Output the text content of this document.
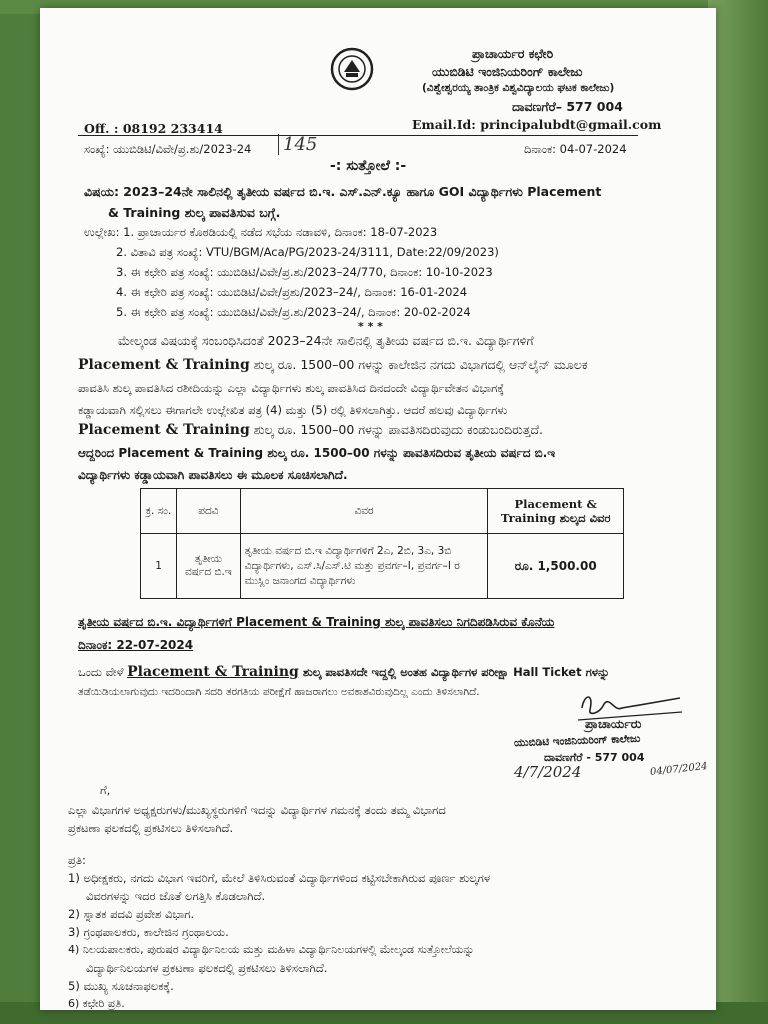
ಪ್ರಾಚಾರ್ಯರ ಕಛೇರಿ
ಯುಬಿಡಿಟಿ ಇಂಜಿನಿಯರಿಂಗ್ ಕಾಲೇಜು
(ವಿಶ್ವೇಶ್ವರಯ್ಯ ತಾಂತ್ರಿಕ ವಿಶ್ವವಿದ್ಯಾಲಯ ಘಟಕ ಕಾಲೇಜು)
ದಾವಣಗೆರೆ– 577 004
Off. : 08192 233414	Email.Id: principalubdt@gmail.com
ಸಂಖ್ಯೆ: ಯುಬಿಡಿಟಿ/ವಿವೇ/ಪ್ರ.ಶು/2023-24 145	ದಿನಾಂಕ: 04-07-2024
-: ಸುತ್ತೋಲೆ :-
ವಿಷಯ: 2023–24ನೇ ಸಾಲಿನಲ್ಲಿ ತೃತೀಯ ವರ್ಷದ ಬಿ.ಇ. ಎಸ್.ಎನ್.ಕ್ಯೂ ಹಾಗೂ GOI ವಿದ್ಯಾರ್ಥಿಗಳು Placement
& Training ಶುಲ್ಕ ಪಾವತಿಸುವ ಬಗ್ಗೆ.
ಉಲ್ಲೇಖ: 1. ಪ್ರಾಚಾರ್ಯರ ಕೊಠಡಿಯಲ್ಲಿ ನಡೆದ ಸಭೆಯ ನಡಾವಳಿ, ದಿನಾಂಕ: 18-07-2023
2. ವಿತಾವಿ ಪತ್ರ ಸಂಖ್ಯೆ: VTU/BGM/Aca/PG/2023-24/3111, Date:22/09/2023)
3. ಈ ಕಛೇರಿ ಪತ್ರ ಸಂಖ್ಯೆ: ಯುಬಿಡಿಟಿ/ವಿವೇ/ಪ್ರ.ಶು/2023–24/770, ದಿನಾಂಕ: 10-10-2023
4. ಈ ಕಛೇರಿ ಪತ್ರ ಸಂಖ್ಯೆ: ಯುಬಿಡಿಟಿ/ವಿವೇ/ಪ್ರಶು/2023–24/, ದಿನಾಂಕ: 16-01-2024
5. ಈ ಕಛೇರಿ ಪತ್ರ ಸಂಖ್ಯೆ: ಯುಬಿಡಿಟಿ/ವಿವೇ/ಪ್ರ.ಶು/2023–24/, ದಿನಾಂಕ: 20-02-2024
* * *
ಮೇಲ್ಕಂಡ ವಿಷಯಕ್ಕೆ ಸಂಬಂಧಿಸಿದಂತೆ 2023–24ನೇ ಸಾಲಿನಲ್ಲಿ ತೃತೀಯ ವರ್ಷದ ಬಿ.ಇ. ವಿದ್ಯಾರ್ಥಿಗಳಿಗೆ
Placement & Training ಶುಲ್ಕ ರೂ. 1500–00 ಗಳನ್ನು ಕಾಲೇಜಿನ ನಗದು ವಿಭಾಗದಲ್ಲಿ ಆನ್‌ಲೈನ್ ಮೂಲಕ
ಪಾವತಿಸಿ ಶುಲ್ಕ ಪಾವತಿಸಿದ ರಶೀದಿಯನ್ನು ಎಲ್ಲಾ ವಿದ್ಯಾರ್ಥಿಗಳು ಶುಲ್ಕ ಪಾವತಿಸಿದ ದಿನದಂದೇ ವಿದ್ಯಾರ್ಥಿವೇತನ ವಿಭಾಗಕ್ಕೆ
ಕಡ್ಡಾಯವಾಗಿ ಸಲ್ಲಿಸಲು ಈಗಾಗಲೇ ಉಲ್ಲೇಖಿತ ಪತ್ರ (4) ಮತ್ತು (5) ರಲ್ಲಿ ತಿಳಿಸಲಾಗಿತ್ತು. ಆದರೆ ಹಲವು ವಿದ್ಯಾರ್ಥಿಗಳು
Placement & Training ಶುಲ್ಕ ರೂ. 1500–00 ಗಳನ್ನು ಪಾವತಿಸದಿರುವುದು ಕಂಡುಬಂದಿರುತ್ತದೆ.
ಆದ್ದರಿಂದ Placement & Training ಶುಲ್ಕ ರೂ. 1500–00 ಗಳನ್ನು ಪಾವತಿಸದಿರುವ ತೃತೀಯ ವರ್ಷದ ಬಿ.ಇ
ವಿದ್ಯಾರ್ಥಿಗಳು ಕಡ್ಡಾಯವಾಗಿ ಪಾವತಿಸಲು ಈ ಮೂಲಕ ಸೂಚಿಸಲಾಗಿದೆ.
ಕ್ರ. ಸಂ.	ಪದವಿ	ವಿವರ	Placement & Training ಶುಲ್ಕದ ವಿವರ
1	ತೃತೀಯ ವರ್ಷದ ಬಿ.ಇ	ತೃತೀಯ ವರ್ಷದ ಬಿ.ಇ ವಿದ್ಯಾರ್ಥಿಗಳಿಗೆ 2ಎ, 2ಬಿ, 3ಎ, 3ಬಿ ವಿದ್ಯಾರ್ಥಿಗಳು, ಎಸ್.ಸಿ/ಎಸ್.ಟಿ ಮತ್ತು ಪ್ರವರ್ಗ–I, ಪ್ರವರ್ಗ–I ರ ಮುಸ್ಲಿಂ ಜನಾಂಗದ ವಿದ್ಯಾರ್ಥಿಗಳು	ರೂ. 1,500.00
ತೃತೀಯ ವರ್ಷದ ಬಿ.ಇ. ವಿದ್ಯಾರ್ಥಿಗಳಿಗೆ Placement & Training ಶುಲ್ಕ ಪಾವತಿಸಲು ನಿಗದಿಪಡಿಸಿರುವ ಕೊನೆಯ
ದಿನಾಂಕ: 22-07-2024
ಒಂದು ವೇಳೆ Placement & Training ಶುಲ್ಕ ಪಾವತಿಸದೇ ಇದ್ದಲ್ಲಿ ಅಂತಹ ವಿದ್ಯಾರ್ಥಿಗಳ ಪರೀಕ್ಷಾ Hall Ticket ಗಳನ್ನು
ತಡೆಯಿಡಿಯಲಾಗುವುದು ಇದರಿಂದಾಗಿ ಸದರಿ ತರಗತಿಯ ಪರೀಕ್ಷೆಗೆ ಹಾಜರಾಗಲು ಅವಕಾಶವಿರುವುದಿಲ್ಲ ಎಂದು ತಿಳಿಸಲಾಗಿದೆ.
ಪ್ರಾಚಾರ್ಯರು
ಯುಬಿಡಿಟಿ ಇಂಜಿನಿಯರಿಂಗ್ ಕಾಲೇಜು
ದಾವಣಗೆರೆ - 577 004
4/7/2024	04/07/2024
ಗೆ,
ಎಲ್ಲಾ ವಿಭಾಗಗಳ ಅಧ್ಯಕ್ಷರುಗಳು/ಮುಖ್ಯಸ್ಥರುಗಳಿಗೆ ಇದನ್ನು ವಿದ್ಯಾರ್ಥಿಗಳ ಗಮನಕ್ಕೆ ತಂದು ತಮ್ಮ ವಿಭಾಗದ
ಪ್ರಕಟಣಾ ಫಲಕದಲ್ಲಿ ಪ್ರಕಟಿಸಲು ತಿಳಿಸಲಾಗಿದೆ.
ಪ್ರತಿ:
1) ಅಧೀಕ್ಷಕರು, ನಗದು ವಿಭಾಗ ಇವರಿಗೆ, ಮೇಲೆ ತಿಳಿಸಿರುವಂತೆ ವಿದ್ಯಾರ್ಥಿಗಳಿಂದ ಕಟ್ಟಿಸಬೇಕಾಗಿರುವ ಪೂರ್ಣ ಶುಲ್ಕಗಳ
ವಿವರಗಳನ್ನು ಇದರ ಜೊತೆ ಲಗತ್ತಿಸಿ ಕೊಡಲಾಗಿದೆ.
2) ಸ್ನಾತಕ ಪದವಿ ಪ್ರವೇಶ ವಿಭಾಗ.
3) ಗ್ರಂಥಪಾಲಕರು, ಕಾಲೇಜಿನ ಗ್ರಂಥಾಲಯ.
4) ನಿಲಯಪಾಲಕರು, ಪುರುಷರ ವಿದ್ಯಾರ್ಥಿನಿಲಯ ಮತ್ತು ಮಹಿಳಾ ವಿದ್ಯಾರ್ಥಿನಿಲಯಗಳಲ್ಲಿ ಮೇಲ್ಕಂಡ ಸುತ್ತೋಲೆಯನ್ನು
ವಿದ್ಯಾರ್ಥಿನಿಲಯಗಳ ಪ್ರಕಟಣಾ ಫಲಕದಲ್ಲಿ ಪ್ರಕಟಿಸಲು ತಿಳಿಸಲಾಗಿದೆ.
5) ಮುಖ್ಯ ಸೂಚನಾಫಲಕಕ್ಕೆ.
6) ಕಛೇರಿ ಪ್ರತಿ.
